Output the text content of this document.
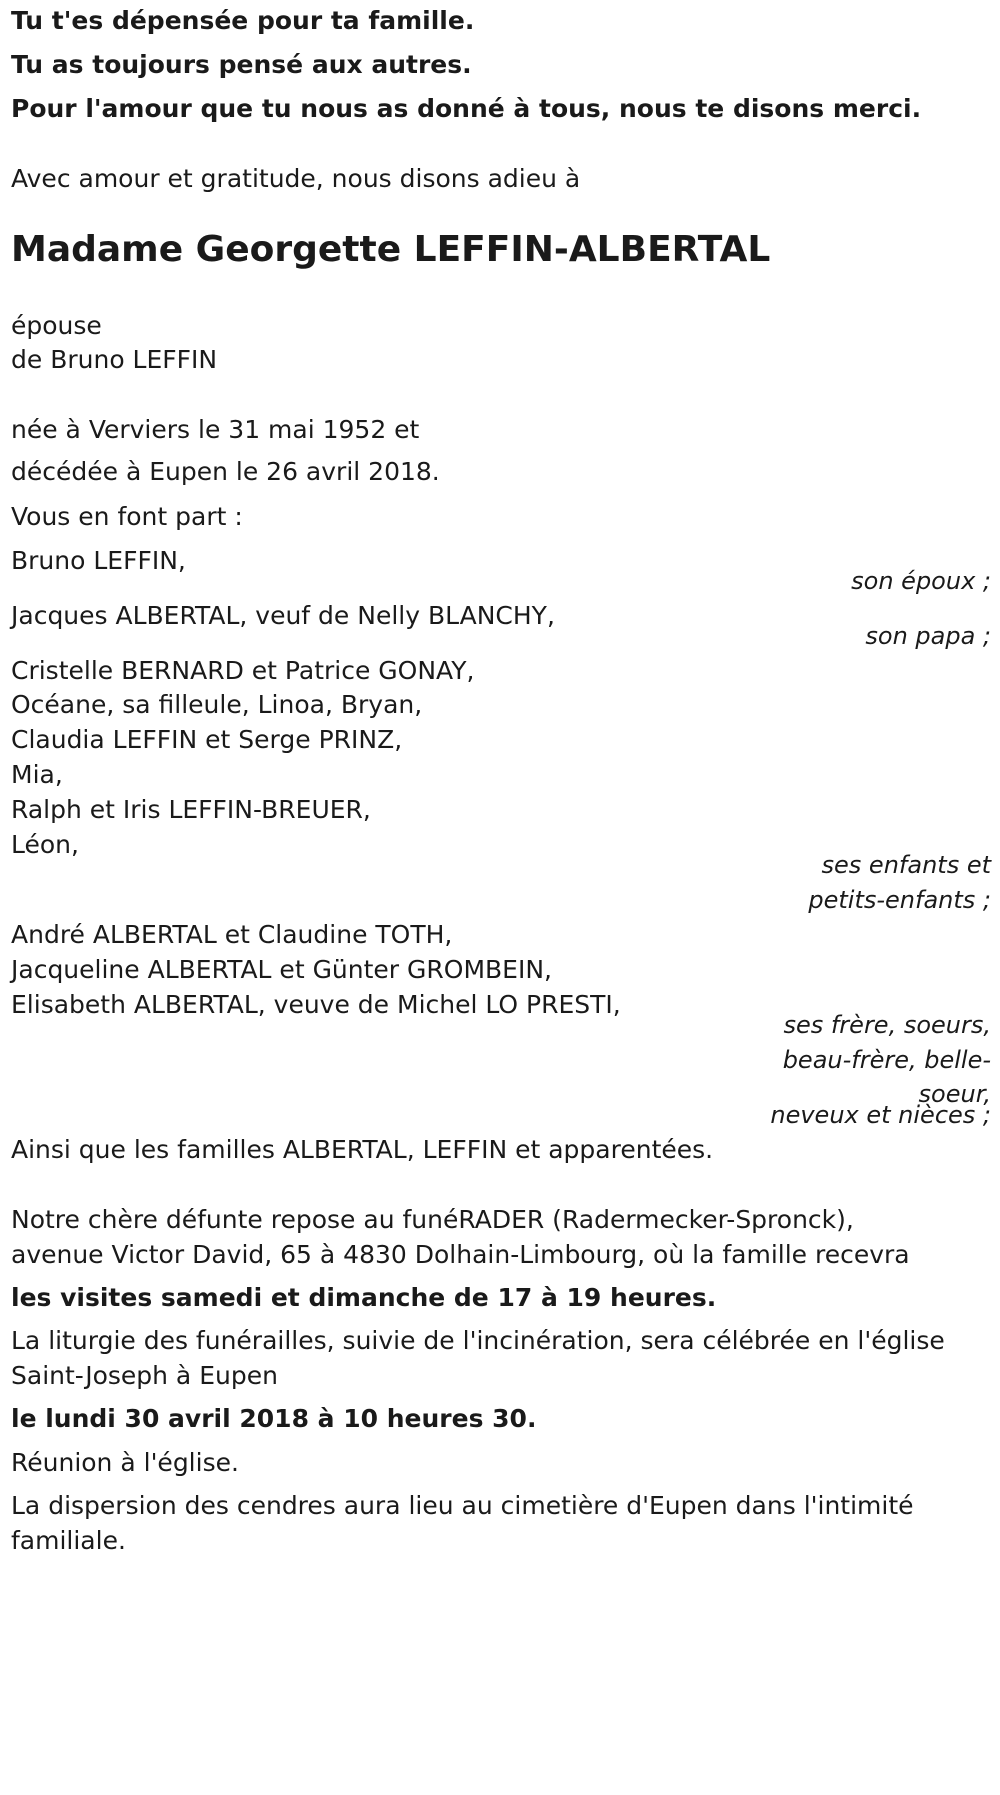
Tu t'es dépensée pour ta famille.
Tu as toujours pensé aux autres.
Pour l'amour que tu nous as donné à tous, nous te disons merci.
Avec amour et gratitude, nous disons adieu à
Madame Georgette LEFFIN-ALBERTAL
épouse
de Bruno LEFFIN
née à Verviers le 31 mai 1952 et
décédée à Eupen le 26 avril 2018.
Vous en font part :
Bruno LEFFIN,
son époux ;
Jacques ALBERTAL, veuf de Nelly BLANCHY,
son papa ;
Cristelle BERNARD et Patrice GONAY,
Océane, sa filleule, Linoa, Bryan,
Claudia LEFFIN et Serge PRINZ,
Mia,
Ralph et Iris LEFFIN-BREUER,
Léon,
ses enfants et
petits-enfants ;
André ALBERTAL et Claudine TOTH,
Jacqueline ALBERTAL et Günter GROMBEIN,
Elisabeth ALBERTAL, veuve de Michel LO PRESTI,
ses frère, soeurs,
beau-frère, belle-
soeur,
neveux et nièces ;
Ainsi que les familles ALBERTAL, LEFFIN et apparentées.
Notre chère défunte repose au funéRADER (Radermecker-Spronck),
avenue Victor David, 65 à 4830 Dolhain-Limbourg, où la famille recevra
les visites samedi et dimanche de 17 à 19 heures.
La liturgie des funérailles, suivie de l'incinération, sera célébrée en l'église
Saint-Joseph à Eupen
le lundi 30 avril 2018 à 10 heures 30.
Réunion à l'église.
La dispersion des cendres aura lieu au cimetière d'Eupen dans l'intimité
familiale.
